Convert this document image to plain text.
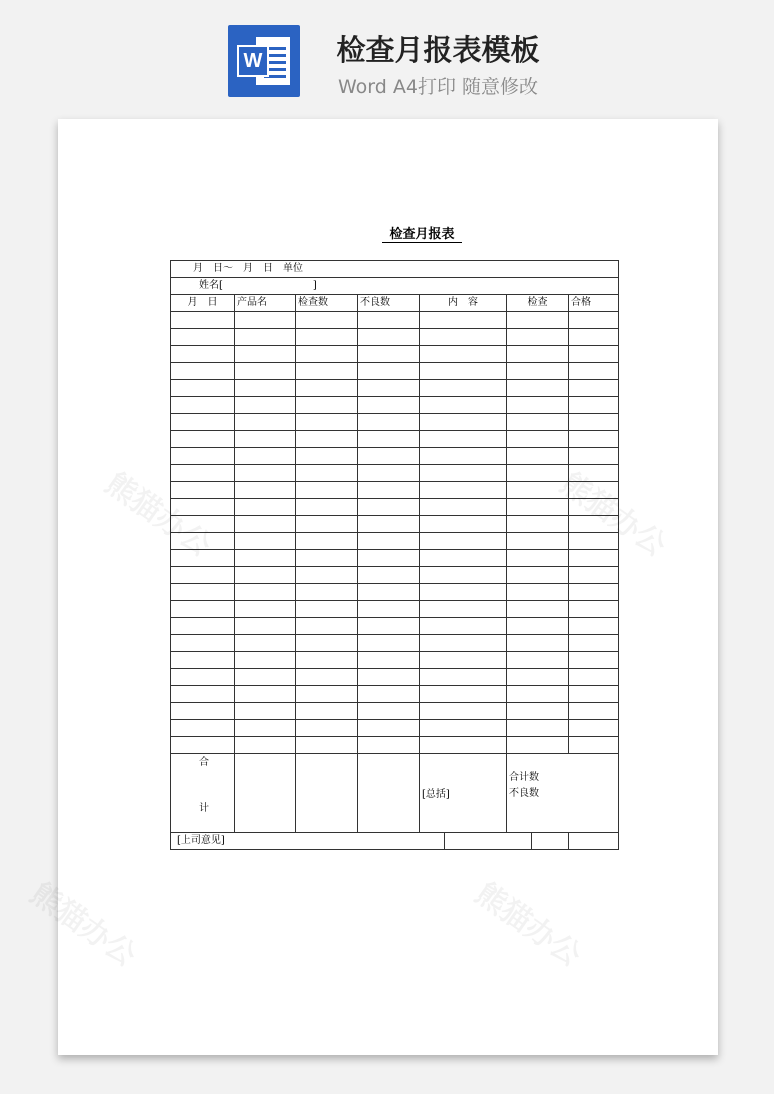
W	检查月报表模板
Word A4打印 随意修改
检查月报表
月　日～　月　日　单位						
姓名[　　　　　　　　　]						
月　日	产品名	检查数	不良数	内　容	检查	合格

合
计				[总括]	合计数
不良数	
[上司意见]			
熊猫办公	熊猫办公
熊猫办公	熊猫办公
